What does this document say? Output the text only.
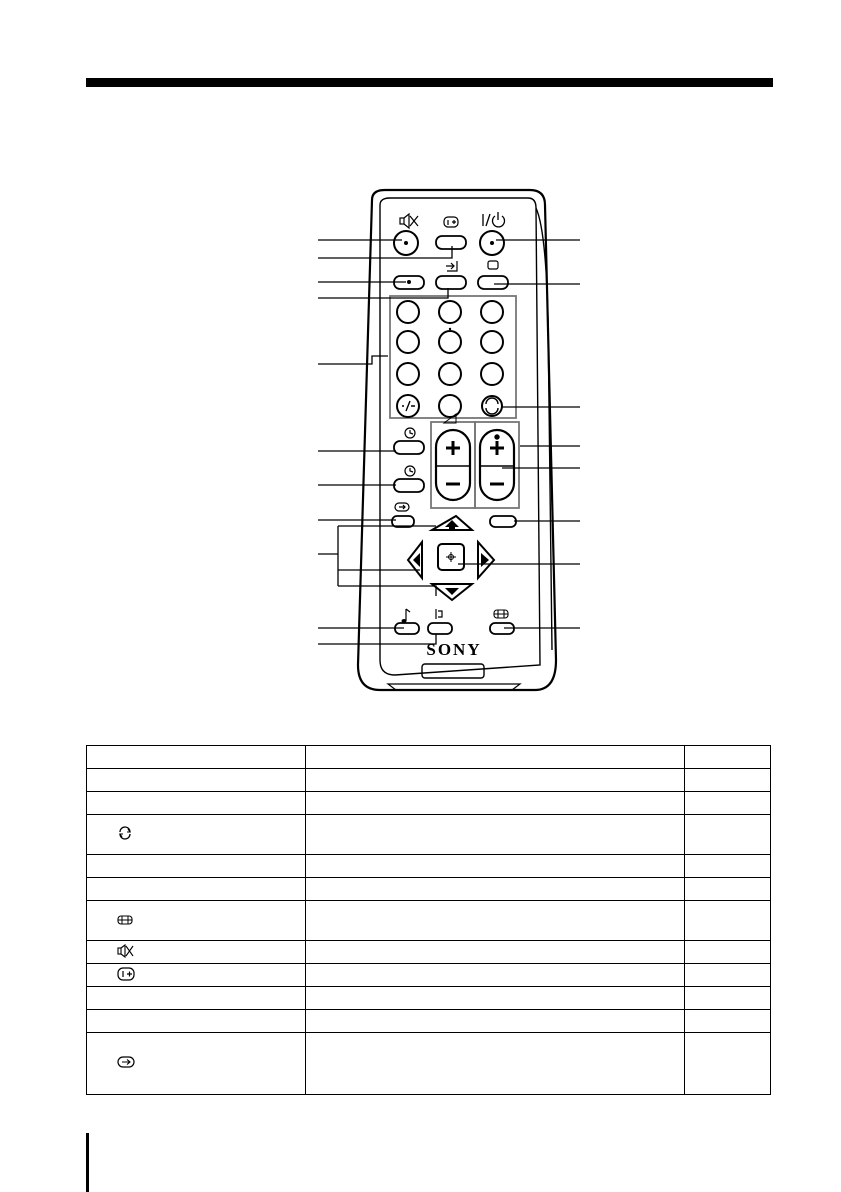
SONY
